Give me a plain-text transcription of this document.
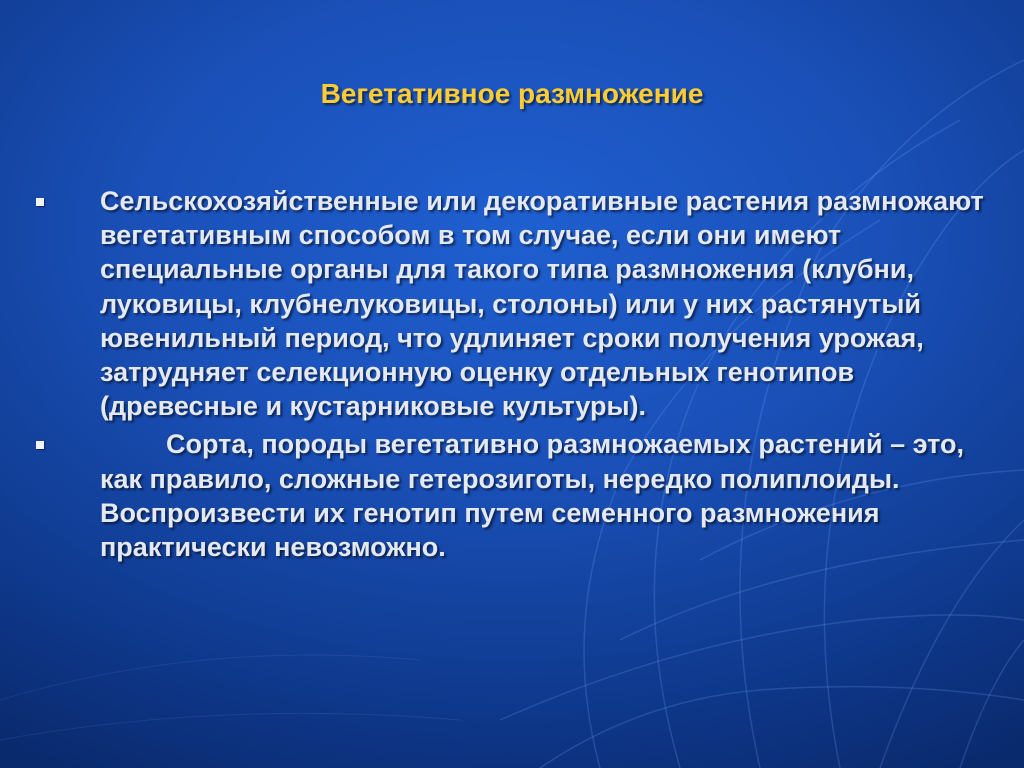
Вегетативное размножение
Сельскохозяйственные или декоративные растения размножают вегетативным способом в том случае, если они имеют специальные органы для такого типа размножения (клубни, луковицы, клубнелуковицы, столоны) или у них растянутый ювенильный период, что удлиняет сроки получения урожая, затрудняет селекционную оценку отдельных генотипов (древесные и кустарниковые культуры).
Сорта, породы вегетативно размножаемых растений – это, как правило, сложные гетерозиготы, нередко полиплоиды. Воспроизвести их генотип путем семенного размножения практически невозможно.
